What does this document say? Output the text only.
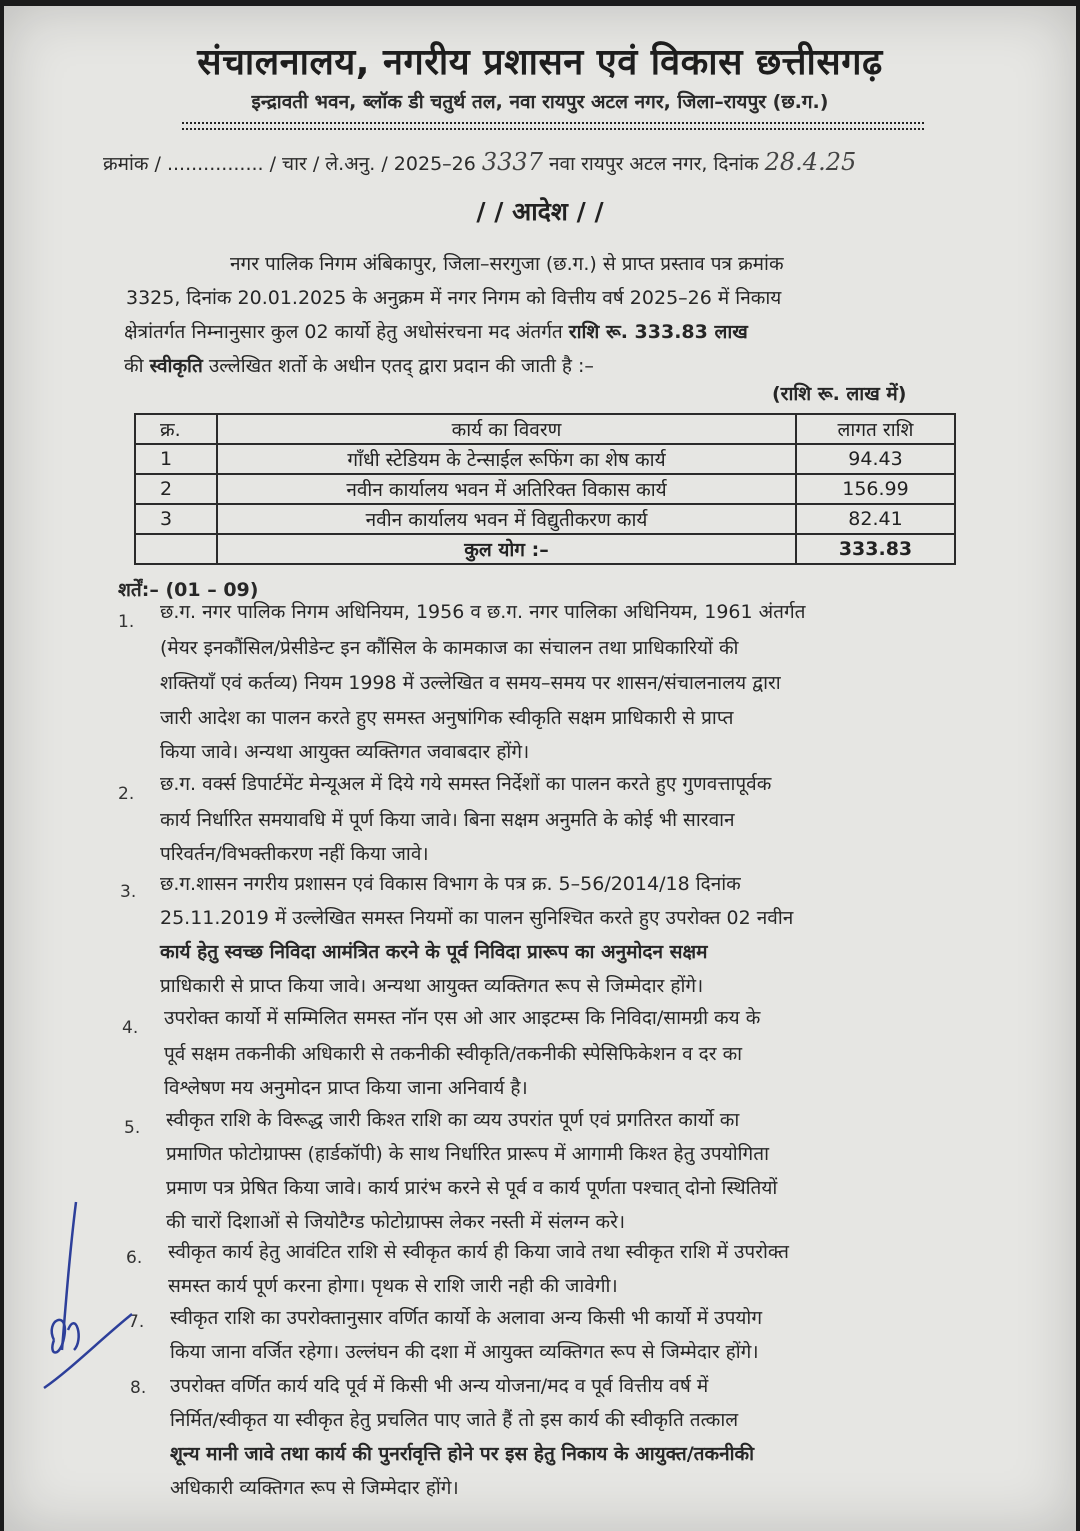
संचालनालय, नगरीय प्रशासन एवं विकास छत्तीसगढ़
इन्द्रावती भवन, ब्लॉक डी चतुर्थ तल, नवा रायपुर अटल नगर, जिला–रायपुर (छ.ग.)
क्रमांक / ................ / चार / ले.अनु. / 2025–26 3337 नवा रायपुर अटल नगर, दिनांक 28.4.25
/ / आदेश / /
नगर पालिक निगम अंबिकापुर, जिला–सरगुजा (छ.ग.) से प्राप्त प्रस्ताव पत्र क्रमांक
3325, दिनांक 20.01.2025 के अनुक्रम में नगर निगम को वित्तीय वर्ष 2025–26 में निकाय
क्षेत्रांतर्गत निम्नानुसार कुल 02 कार्यो हेतु अधोसंरचना मद अंतर्गत राशि रू. 333.83 लाख
की स्वीकृति उल्लेखित शर्तो के अधीन एतद् द्वारा प्रदान की जाती है :–
(राशि रू. लाख में)
क्र.	कार्य का विवरण	लागत राशि
1	गॉंधी स्टेडियम के टेन्साईल रूफिंग का शेष कार्य	94.43
2	नवीन कार्यालय भवन में अतिरिक्त विकास कार्य	156.99
3	नवीन कार्यालय भवन में विद्युतीकरण कार्य	82.41
	कुल योग :–	333.83
शर्तें:– (01 – 09)
1. छ.ग. नगर पालिक निगम अधिनियम, 1956 व छ.ग. नगर पालिका अधिनियम, 1961 अंतर्गत
(मेयर इनकौंसिल/प्रेसीडेन्ट इन कौंसिल के कामकाज का संचालन तथा प्राधिकारियों की
शक्तियॉं एवं कर्तव्य) नियम 1998 में उल्लेखित व समय–समय पर शासन/संचालनालय द्वारा
जारी आदेश का पालन करते हुए समस्त अनुषांगिक स्वीकृति सक्षम प्राधिकारी से प्राप्त
किया जावे। अन्यथा आयुक्त व्यक्तिगत जवाबदार होंगे।
2. छ.ग. वर्क्स डिपार्टमेंट मेन्यूअल में दिये गये समस्त निर्देशों का पालन करते हुए गुणवत्तापूर्वक
कार्य निर्धारित समयावधि में पूर्ण किया जावे। बिना सक्षम अनुमति के कोई भी सारवान
परिवर्तन/विभक्तीकरण नहीं किया जावे।
3. छ.ग.शासन नगरीय प्रशासन एवं विकास विभाग के पत्र क्र. 5–56/2014/18 दिनांक
25.11.2019 में उल्लेखित समस्त नियमों का पालन सुनिश्चित करते हुए उपरोक्त 02 नवीन
कार्य हेतु स्वच्छ निविदा आमंत्रित करने के पूर्व निविदा प्रारूप का अनुमोदन सक्षम
प्राधिकारी से प्राप्त किया जावे। अन्यथा आयुक्त व्यक्तिगत रूप से जिम्मेदार होंगे।
4. उपरोक्त कार्यो में सम्मिलित समस्त नॉन एस ओ आर आइटम्स कि निविदा/सामग्री कय के
पूर्व सक्षम तकनीकी अधिकारी से तकनीकी स्वीकृति/तकनीकी स्पेसिफिकेशन व दर का
विश्लेषण मय अनुमोदन प्राप्त किया जाना अनिवार्य है।
5. स्वीकृत राशि के विरूद्ध जारी किश्त राशि का व्यय उपरांत पूर्ण एवं प्रगतिरत कार्यो का
प्रमाणित फोटोग्राफ्स (हार्डकॉपी) के साथ निर्धारित प्रारूप में आगामी किश्त हेतु उपयोगिता
प्रमाण पत्र प्रेषित किया जावे। कार्य प्रारंभ करने से पूर्व व कार्य पूर्णता पश्चात् दोनो स्थितियों
की चारों दिशाओं से जियोटैग्ड फोटोग्राफ्स लेकर नस्ती में संलग्न करे।
6. स्वीकृत कार्य हेतु आवंटित राशि से स्वीकृत कार्य ही किया जावे तथा स्वीकृत राशि में उपरोक्त
समस्त कार्य पूर्ण करना होगा। पृथक से राशि जारी नही की जावेगी।
7. स्वीकृत राशि का उपरोक्तानुसार वर्णित कार्यो के अलावा अन्य किसी भी कार्यो में उपयोग
किया जाना वर्जित रहेगा। उल्लंघन की दशा में आयुक्त व्यक्तिगत रूप से जिम्मेदार होंगे।
8. उपरोक्त वर्णित कार्य यदि पूर्व में किसी भी अन्य योजना/मद व पूर्व वित्तीय वर्ष में
निर्मित/स्वीकृत या स्वीकृत हेतु प्रचलित पाए जाते हैं तो इस कार्य की स्वीकृति तत्काल
शून्य मानी जावे तथा कार्य की पुनर्रावृत्ति होने पर इस हेतु निकाय के आयुक्त/तकनीकी
अधिकारी व्यक्तिगत रूप से जिम्मेदार होंगे।
